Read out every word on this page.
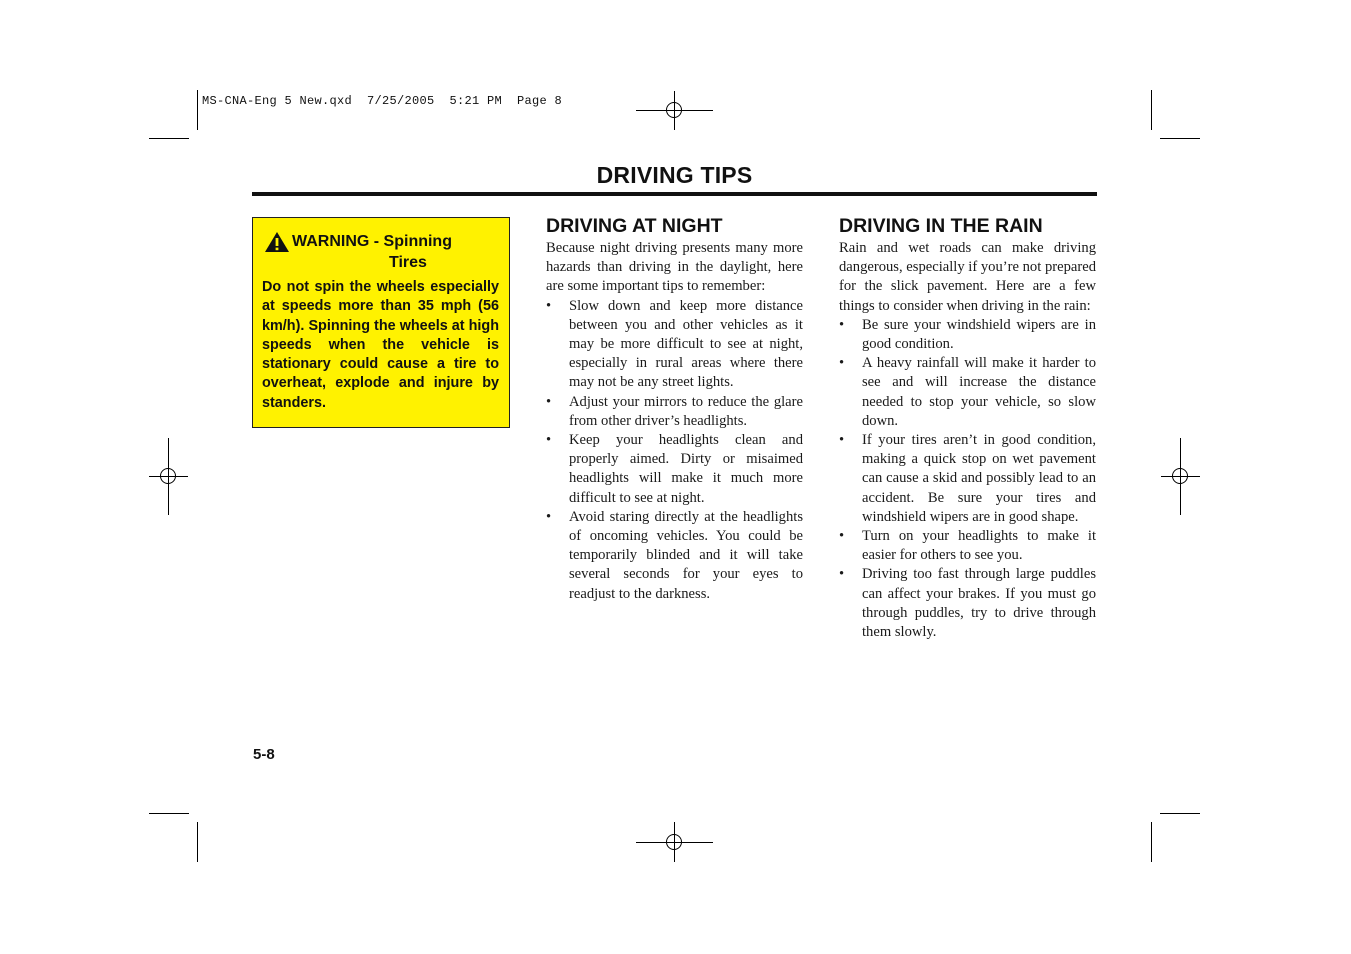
MS-CNA-Eng 5 New.qxd  7/25/2005  5:21 PM  Page 8
DRIVING TIPS
WARNING - Spinning
Tires
Do not spin the wheels especially at speeds more than 35 mph (56 km/h). Spinning the wheels at high speeds when the vehicle is stationary could cause a tire to overheat, explode and injure by standers.
DRIVING AT NIGHT

Because night driving presents many more hazards than driving in the daylight, here are some important tips to remember:

• Slow down and keep more distance between you and other vehicles as it may be more difficult to see at night, especially in rural areas where there may not be any street lights.
• Adjust your mirrors to reduce the glare from other driver’s headlights.
• Keep your headlights clean and properly aimed. Dirty or misaimed headlights will make it much more difficult to see at night.
• Avoid staring directly at the headlights of oncoming vehicles. You could be temporarily blinded and it will take several seconds for your eyes to readjust to the darkness.
DRIVING IN THE RAIN

Rain and wet roads can make driving dangerous, especially if you’re not prepared for the slick pavement. Here are a few things to consider when driving in the rain:

• Be sure your windshield wipers are in good condition.
• A heavy rainfall will make it harder to see and will increase the distance needed to stop your vehicle, so slow down.
• If your tires aren’t in good condition, making a quick stop on wet pavement can cause a skid and possibly lead to an accident. Be sure your tires and windshield wipers are in good shape.
• Turn on your headlights to make it easier for others to see you.
• Driving too fast through large puddles can affect your brakes. If you must go through puddles, try to drive through them slowly.
5-8
